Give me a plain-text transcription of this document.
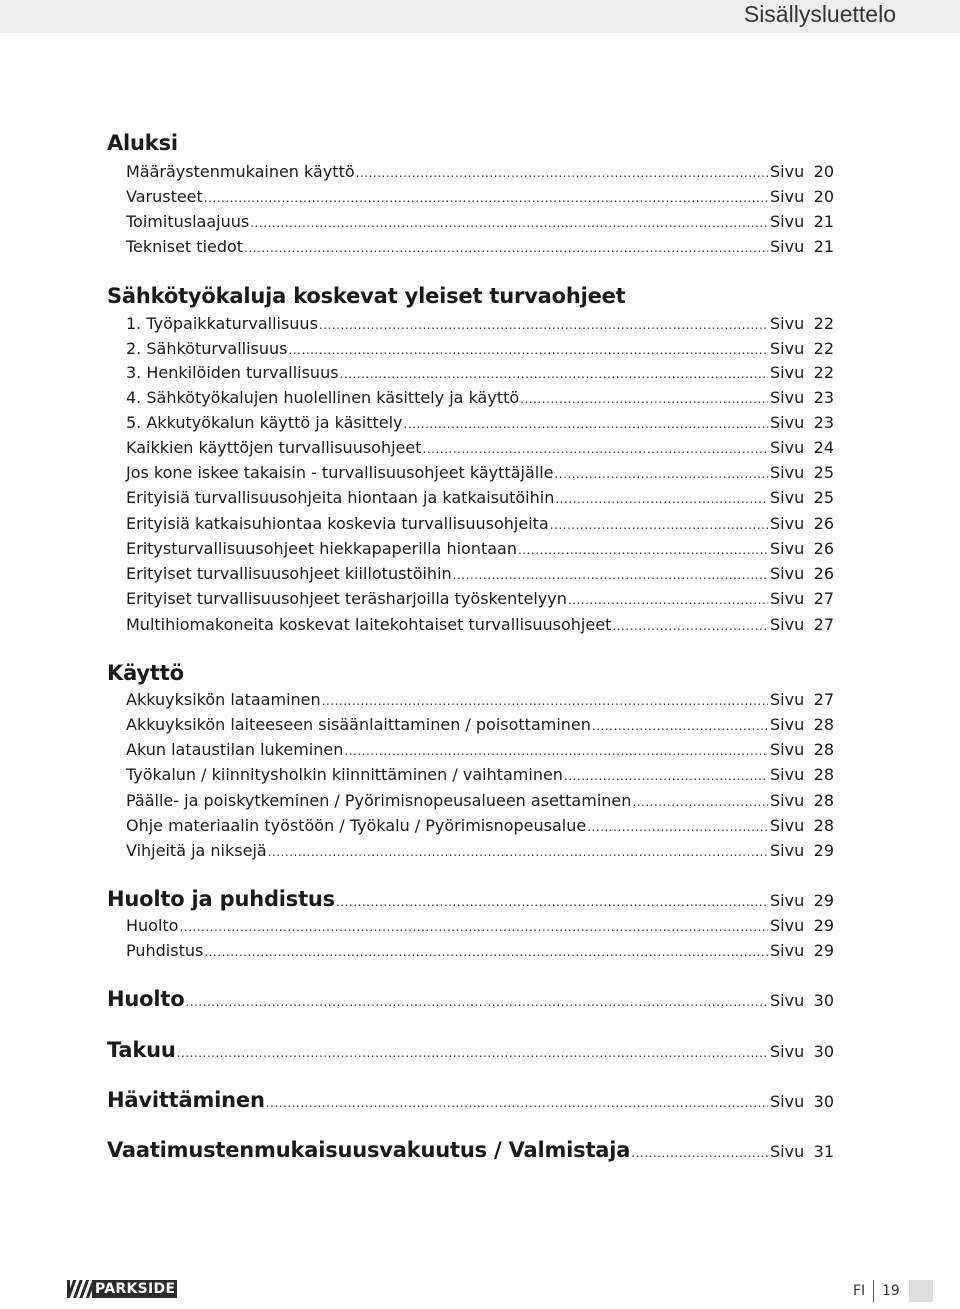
Sisällysluettelo
Aluksi
Määräystenmukainen käyttö .....	Sivu 20
Varusteet .....	Sivu 20
Toimituslaajuus .....	Sivu 21
Tekniset tiedot .....	Sivu 21
Sähkötyökaluja koskevat yleiset turvaohjeet
1. Työpaikkaturvallisuus .....	Sivu 22
2. Sähköturvallisuus .....	Sivu 22
3. Henkilöiden turvallisuus .....	Sivu 22
4. Sähkötyökalujen huolellinen käsittely ja käyttö .....	Sivu 23
5. Akkutyökalun käyttö ja käsittely .....	Sivu 23
Kaikkien käyttöjen turvallisuusohjeet .....	Sivu 24
Jos kone iskee takaisin - turvallisuusohjeet käyttäjälle .....	Sivu 25
Erityisiä turvallisuusohjeita hiontaan ja katkaisutöihin .....	Sivu 25
Erityisiä katkaisuhiontaa koskevia turvallisuusohjeita .....	Sivu 26
Eritysturvallisuusohjeet hiekkapaperilla hiontaan .....	Sivu 26
Erityiset turvallisuusohjeet kiillotustöihin .....	Sivu 26
Erityiset turvallisuusohjeet teräsharjoilla työskentelyyn .....	Sivu 27
Multihiomakoneita koskevat laitekohtaiset turvallisuusohjeet .....	Sivu 27
Käyttö
Akkuyksikön lataaminen .....	Sivu 27
Akkuyksikön laiteeseen sisäänlaittaminen / poisottaminen .....	Sivu 28
Akun lataustilan lukeminen .....	Sivu 28
Työkalun / kiinnitysholkin kiinnittäminen / vaihtaminen .....	Sivu 28
Päälle- ja poiskytkeminen / Pyörimisnopeusalueen asettaminen .....	Sivu 28
Ohje materiaalin työstöön / Työkalu / Pyörimisnopeusalue .....	Sivu 28
Vihjeitä ja niksejä .....	Sivu 29
Huolto ja puhdistus .....	Sivu 29
Huolto .....	Sivu 29
Puhdistus .....	Sivu 29
Huolto .....	Sivu 30
Takuu .....	Sivu 30
Hävittäminen .....	Sivu 30
Vaatimustenmukaisuusvakuutus / Valmistaja .....	Sivu 31
PARKSIDE	FI 19
